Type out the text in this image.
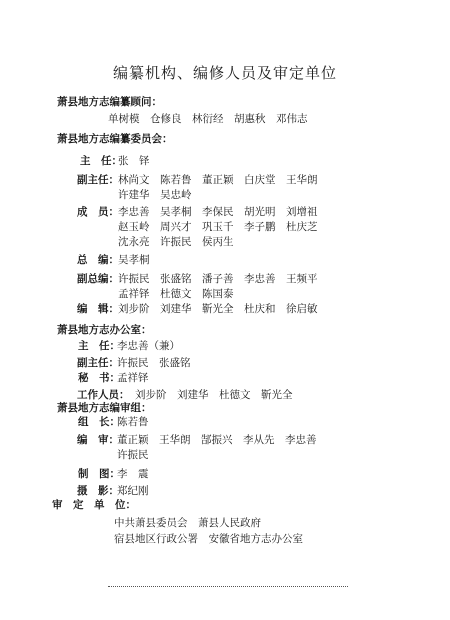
编纂机构、编修人员及审定单位
萧县地方志编纂顾问：
单树模　仓修良　林衍经　胡惠秋　邓伟志
萧县地方志编纂委员会：
主　任：
张　铎
副主任： 林尚文　陈若鲁　董正颖　白庆堂　王华朗
许建华　吴忠岭
成　员： 李忠善　吴孝桐　李保民　胡光明　刘增祖
赵玉岭　周兴才　巩玉千　李子鹏　杜庆芝
沈永亮　许振民　侯丙生
总　编： 吴孝桐
副总编： 许振民　张盛铭　潘子善　李忠善　王频平
孟祥铎　杜德文　陈国泰
编　辑： 刘步阶　刘建华　靳光全　杜庆和　徐启敏
萧县地方志办公室：
主　任：
李忠善（兼）
副主任：
许振民　张盛铭
秘　书：
孟祥铎
工作人员： 刘步阶　刘建华　杜德文　靳光全
萧县地方志编审组：
组　长：
陈若鲁
编　审：
董正颖　王华朗　郜振兴　李从先　李忠善
许振民
制　图：
李　震
摄　影：
郑纪刚
审　定　单　位：
中共萧县委员会　萧县人民政府
宿县地区行政公署　安徽省地方志办公室
